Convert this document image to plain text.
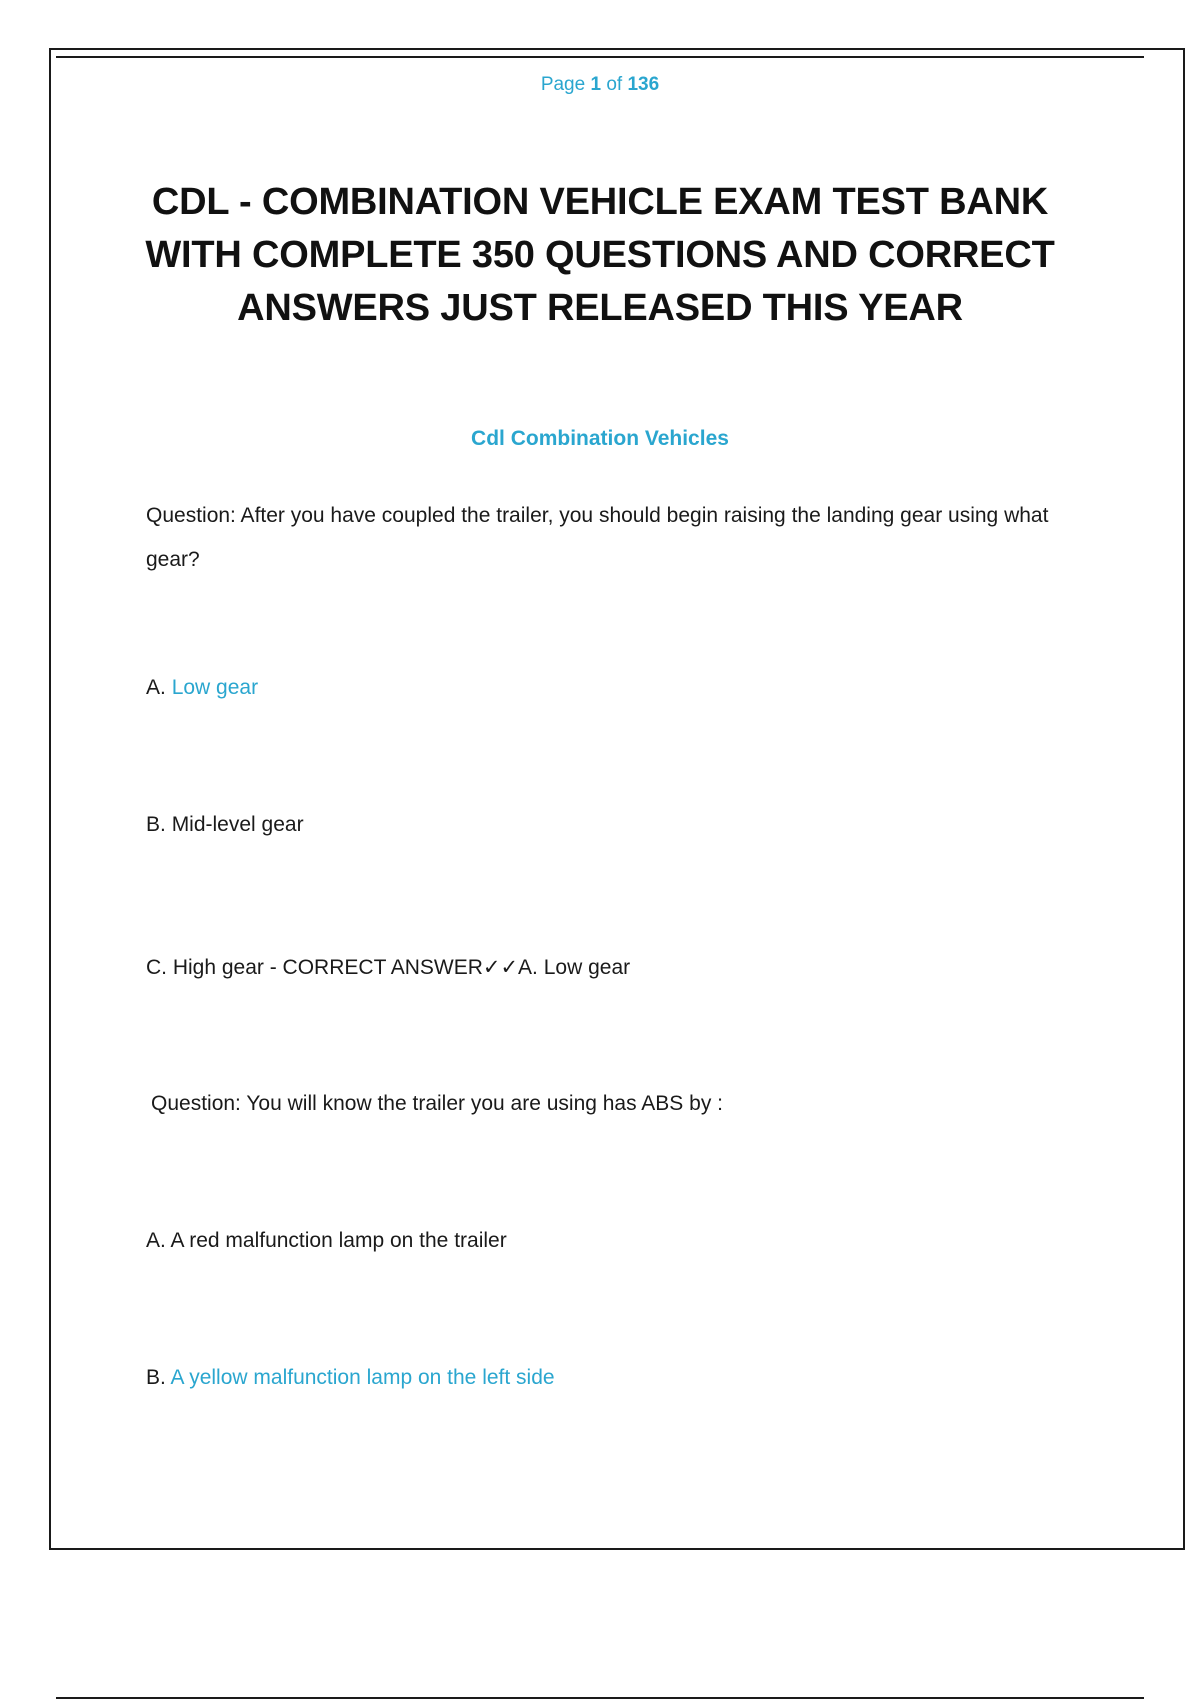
Page 1 of 136
CDL - COMBINATION VEHICLE EXAM TEST BANK WITH COMPLETE 350 QUESTIONS AND CORRECT ANSWERS JUST RELEASED THIS YEAR
Cdl Combination Vehicles
Question: After you have coupled the trailer, you should begin raising the landing gear using what gear?
A. Low gear
B. Mid-level gear
C. High gear - CORRECT ANSWER✓✓A. Low gear
Question: You will know the trailer you are using has ABS by :
A. A red malfunction lamp on the trailer
B. A yellow malfunction lamp on the left side
